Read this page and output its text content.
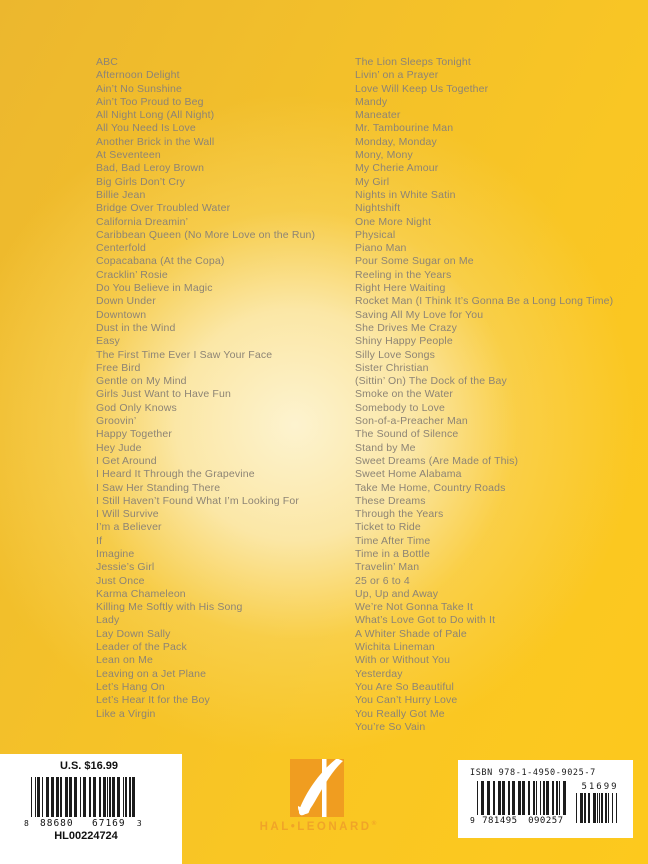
ABC
Afternoon Delight
Ain’t No Sunshine
Ain’t Too Proud to Beg
All Night Long (All Night)
All You Need Is Love
Another Brick in the Wall
At Seventeen
Bad, Bad Leroy Brown
Big Girls Don’t Cry
Billie Jean
Bridge Over Troubled Water
California Dreamin’
Caribbean Queen (No More Love on the Run)
Centerfold
Copacabana (At the Copa)
Cracklin’ Rosie
Do You Believe in Magic
Down Under
Downtown
Dust in the Wind
Easy
The First Time Ever I Saw Your Face
Free Bird
Gentle on My Mind
Girls Just Want to Have Fun
God Only Knows
Groovin’
Happy Together
Hey Jude
I Get Around
I Heard It Through the Grapevine
I Saw Her Standing There
I Still Haven’t Found What I’m Looking For
I Will Survive
I’m a Believer
If
Imagine
Jessie’s Girl
Just Once
Karma Chameleon
Killing Me Softly with His Song
Lady
Lay Down Sally
Leader of the Pack
Lean on Me
Leaving on a Jet Plane
Let’s Hang On
Let’s Hear It for the Boy
Like a Virgin
The Lion Sleeps Tonight
Livin’ on a Prayer
Love Will Keep Us Together
Mandy
Maneater
Mr. Tambourine Man
Monday, Monday
Mony, Mony
My Cherie Amour
My Girl
Nights in White Satin
Nightshift
One More Night
Physical
Piano Man
Pour Some Sugar on Me
Reeling in the Years
Right Here Waiting
Rocket Man (I Think It’s Gonna Be a Long Long Time)
Saving All My Love for You
She Drives Me Crazy
Shiny Happy People
Silly Love Songs
Sister Christian
(Sittin’ On) The Dock of the Bay
Smoke on the Water
Somebody to Love
Son-of-a-Preacher Man
The Sound of Silence
Stand by Me
Sweet Dreams (Are Made of This)
Sweet Home Alabama
Take Me Home, Country Roads
These Dreams
Through the Years
Ticket to Ride
Time After Time
Time in a Bottle
Travelin’ Man
25 or 6 to 4
Up, Up and Away
We’re Not Gonna Take It
What’s Love Got to Do with It
A Whiter Shade of Pale
Wichita Lineman
With or Without You
Yesterday
You Are So Beautiful
You Can’t Hurry Love
You Really Got Me
You’re So Vain
U.S. $16.99
8 88680 67169 3
HL00224724
HAL•LEONARD®
ISBN 978-1-4950-9025-7
9 781495 090257
51699
